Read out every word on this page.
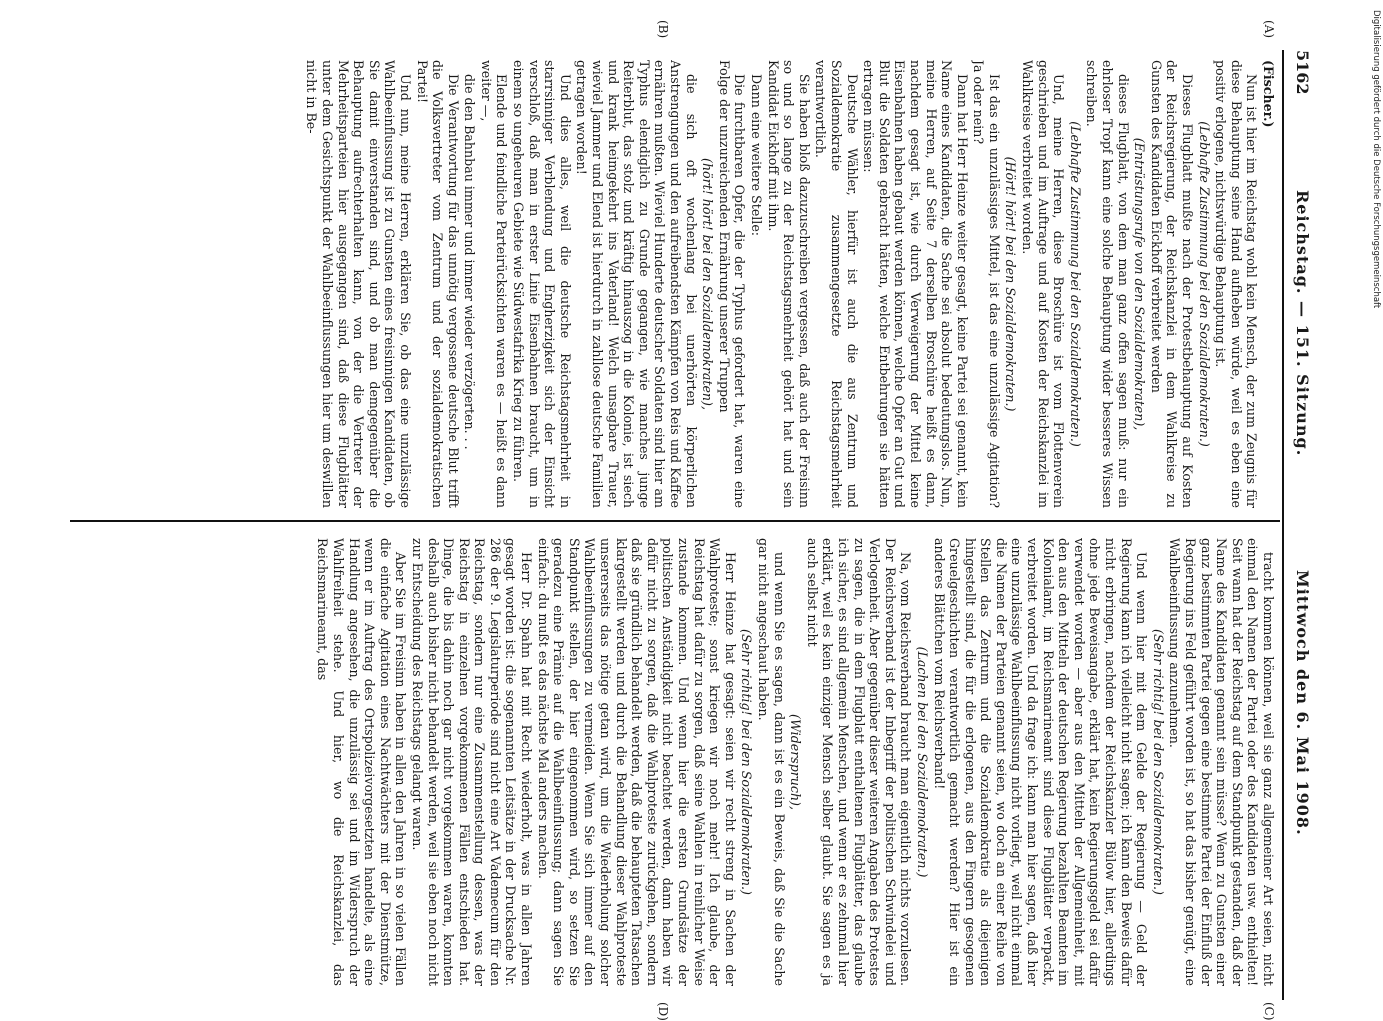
Digitalisierung gefördert durch die Deutsche Forschungsgemeinschaft
5162
Reichstag. — 151. Sitzung.
Mittwoch den 6. Mai 1908.
(A)
(B)
(C)
(D)

(Fischer.)

Nun ist hier im Reichstag wohl kein Mensch, der zum Zeugnis für diese Behauptung seine Hand aufheben würde, weil es eben eine positiv erlogene, nichtswürdige Behauptung ist.

(Lebhafte Zustimmung bei den Sozialdemokraten.)

Dieses Flugblatt mußte nach der Protestbehauptung auf Kosten der Reichsregierung, der Reichskanzlei in dem Wahlkreise zu Gunsten des Kandidaten Eickhoff verbreitet werden

(Entrüstungsrufe von den Sozialdemokraten),

dieses Flugblatt, von dem man ganz offen sagen muß: nur ein ehrloser Tropf kann eine solche Behauptung wider besseres Wissen schreiben.

(Lebhafte Zustimmung bei den Sozialdemokraten.)

Und, meine Herren, diese Broschüre ist vom Flottenverein geschrieben und im Auftrage und auf Kosten der Reichskanzlei im Wahlkreise verbreitet worden.

(Hört! hört! bei den Sozialdemokraten.)

Ist das ein unzulässiges Mittel, ist das eine unzulässige Agitation? Ja oder nein?

Dann hat Herr Heinze weiter gesagt, keine Partei sei genannt, kein Name eines Kandidaten, die Sache sei absolut bedeutungslos. Nun, meine Herren, auf Seite 7 derselben Broschüre heißt es dann, nachdem gesagt ist, wie durch Verweigerung der Mittel keine Eisenbahnen haben gebaut werden können, welche Opfer an Gut und Blut die Soldaten gebracht hätten, welche Entbehrungen sie hätten ertragen müssen:

Deutsche Wähler, hierfür ist auch die aus Zentrum und Sozialdemokratie zusammengesetzte Reichstagsmehrheit verantwortlich.

Sie haben bloß dazuzuschreiben vergessen, daß auch der Freisinn so und so lange zu der Reichstagsmehrheit gehört hat und sein Kandidat Eickhoff mit ihm.

Dann eine weitere Stelle:

Die furchtbaren Opfer, die der Typhus gefordert hat, waren eine Folge der unzureichenden Ernährung unserer Truppen

(hört! hört! bei den Sozialdemokraten),

die sich oft wochenlang bei unerhörten körperlichen Anstrengungen und den aufreibendsten Kämpfen von Reis und Kaffee ernähren mußten. Wieviel Hunderte deutscher Soldaten sind hier am Typhus elendiglich zu Grunde gegangen, wie manches junge Reiterblut, das stolz und kräftig hinauszog in die Kolonie, ist siech und krank heimgekehrt ins Vaterland! Welch unsagbare Trauer, wieviel Jammer und Elend ist hierdurch in zahllose deutsche Familien getragen worden!

Und dies alles, weil die deutsche Reichstagsmehrheit in starrsinniger Verblendung und Engherzigkeit sich der Einsicht verschloß, daß man in erster Linie Eisenbahnen braucht, um in einem so ungeheuren Gebiete wie Südwestafrika Krieg zu führen.

Elende und feindliche Parteirücksichten waren es — heißt es dann weiter —,

die den Bahnbau immer und immer wieder verzögerten. . .

Die Verantwortung für das unnötig vergossene deutsche Blut trifft die Volksvertreter vom Zentrum und der sozialdemokratischen Partei!

Und nun, meine Herren, erklären Sie, ob das eine unzulässige Wahlbeeinflussung ist zu Gunsten eines freisinnigen Kandidaten, ob Sie damit einverstanden sind, und ob man demgegenüber die Behauptung aufrechterhalten kann, von der die Vertreter der Mehrheitsparteien hier ausgegangen sind, daß diese Flugblätter unter dem Gesichtspunkt der Wahlbeeinflussungen hier um deswillen nicht in Be-

tracht kommen können, weil sie ganz allgemeiner Art seien, nicht einmal den Namen der Partei oder des Kandidaten usw. enthielten! Seit wann hat der Reichstag auf dem Standpunkt gestanden, daß der Name des Kandidaten genannt sein müsse? Wenn zu Gunsten einer ganz bestimmten Partei gegen eine bestimmte Partei der Einfluß der Regierung ins Feld geführt worden ist, so hat das bisher genügt, eine Wahlbeeinflussung anzunehmen.

(Sehr richtig! bei den Sozialdemokraten.)

Und wenn hier mit dem Gelde der Regierung — Geld der Regierung kann ich vielleicht nicht sagen; ich kann den Beweis dafür nicht erbringen, nachdem der Reichskanzler Bülow hier, allerdings ohne jede Beweisangabe, erklärt hat, kein Regierungsgeld sei dafür verwendet worden — aber aus den Mitteln der Allgemeinheit, mit den aus den Mitteln der deutschen Regierung bezahlten Beamten im Kolonialamt, im Reichsmarineamt sind diese Flugblätter verpackt, verbreitet worden. Und da frage ich: kann man hier sagen, daß hier eine unzulässige Wahlbeeinflussung nicht vorliegt, weil nicht einmal die Namen der Parteien genannt seien, wo doch an einer Reihe von Stellen das Zentrum und die Sozialdemokratie als diejenigen hingestellt sind, die für die erlogenen, aus den Fingern gesogenen Greuelgeschichten verantwortlich gemacht werden? Hier ist ein anderes Blättchen vom Reichsverband!

(Lachen bei den Sozialdemokraten.)

Na, vom Reichsverband braucht man eigentlich nichts vorzulesen. Der Reichsverband ist der Inbegriff der politischen Schwindelei und Verlogenheit. Aber gegenüber dieser weiteren Angaben des Protestes zu sagen, die in dem Flugblatt enthaltenen Flugblätter, das glaube ich sicher, es sind allgemein Menschen, und wenn er es zehnmal hier erklärt, weil es kein einziger Mensch selber glaubt. Sie sagen es ja auch selbst nicht

(Widerspruch),

und wenn Sie es sagen, dann ist es ein Beweis, daß Sie die Sache gar nicht angeschaut haben.

(Sehr richtig! bei den Sozialdemokraten.)

Herr Heinze hat gesagt: seien wir recht streng in Sachen der Wahlproteste; sonst kriegen wir noch mehr! Ich glaube, der Reichstag hat dafür zu sorgen, daß seine Wahlen in reinlicher Weise zustande kommen. Und wenn hier die ersten Grundsätze der politischen Anständigkeit nicht beachtet werden, dann haben wir dafür nicht zu sorgen, daß die Wahlproteste zurückgehen, sondern daß sie gründlich behandelt werden, daß die behaupteten Tatsachen klargestellt werden und durch die Behandlung dieser Wahlproteste unsererseits das nötige getan wird, um die Wiederholung solcher Wahlbeeinflussungen zu vermeiden. Wenn Sie sich immer auf den Standpunkt stellen, der hier eingenommen wird, so setzen Sie geradezu eine Prämie auf die Wahlbeeinflussung; dann sagen Sie einfach: du mußt es das nächste Mal anders machen.

Herr Dr. Spahn hat mit Recht wiederholt, was in allen Jahren gesagt worden ist: die sogenannten Leitsätze in der Drucksache Nr. 286 der 9. Legislaturperiode sind nicht eine Art Vademecum für den Reichstag, sondern nur eine Zusammenstellung dessen, was der Reichstag in einzelnen vorgekommenen Fällen entschieden hat. Dinge, die bis dahin noch gar nicht vorgekommen waren, konnten deshalb auch bisher nicht behandelt werden, weil sie eben noch nicht zur Entscheidung des Reichstags gelangt waren.

Aber Sie im Freisinn haben in allen den Jahren in so vielen Fällen die einfache Agitation eines Nachtwächters mit der Dienstmütze, wenn er im Auftrag des Ortspolizeivorgesetzten handelte, als eine Handlung angesehen, die unzulässig sei und im Widerspruch der Wahlfreiheit stehe. Und hier, wo die Reichskanzlei, das Reichsmarineamt, das
